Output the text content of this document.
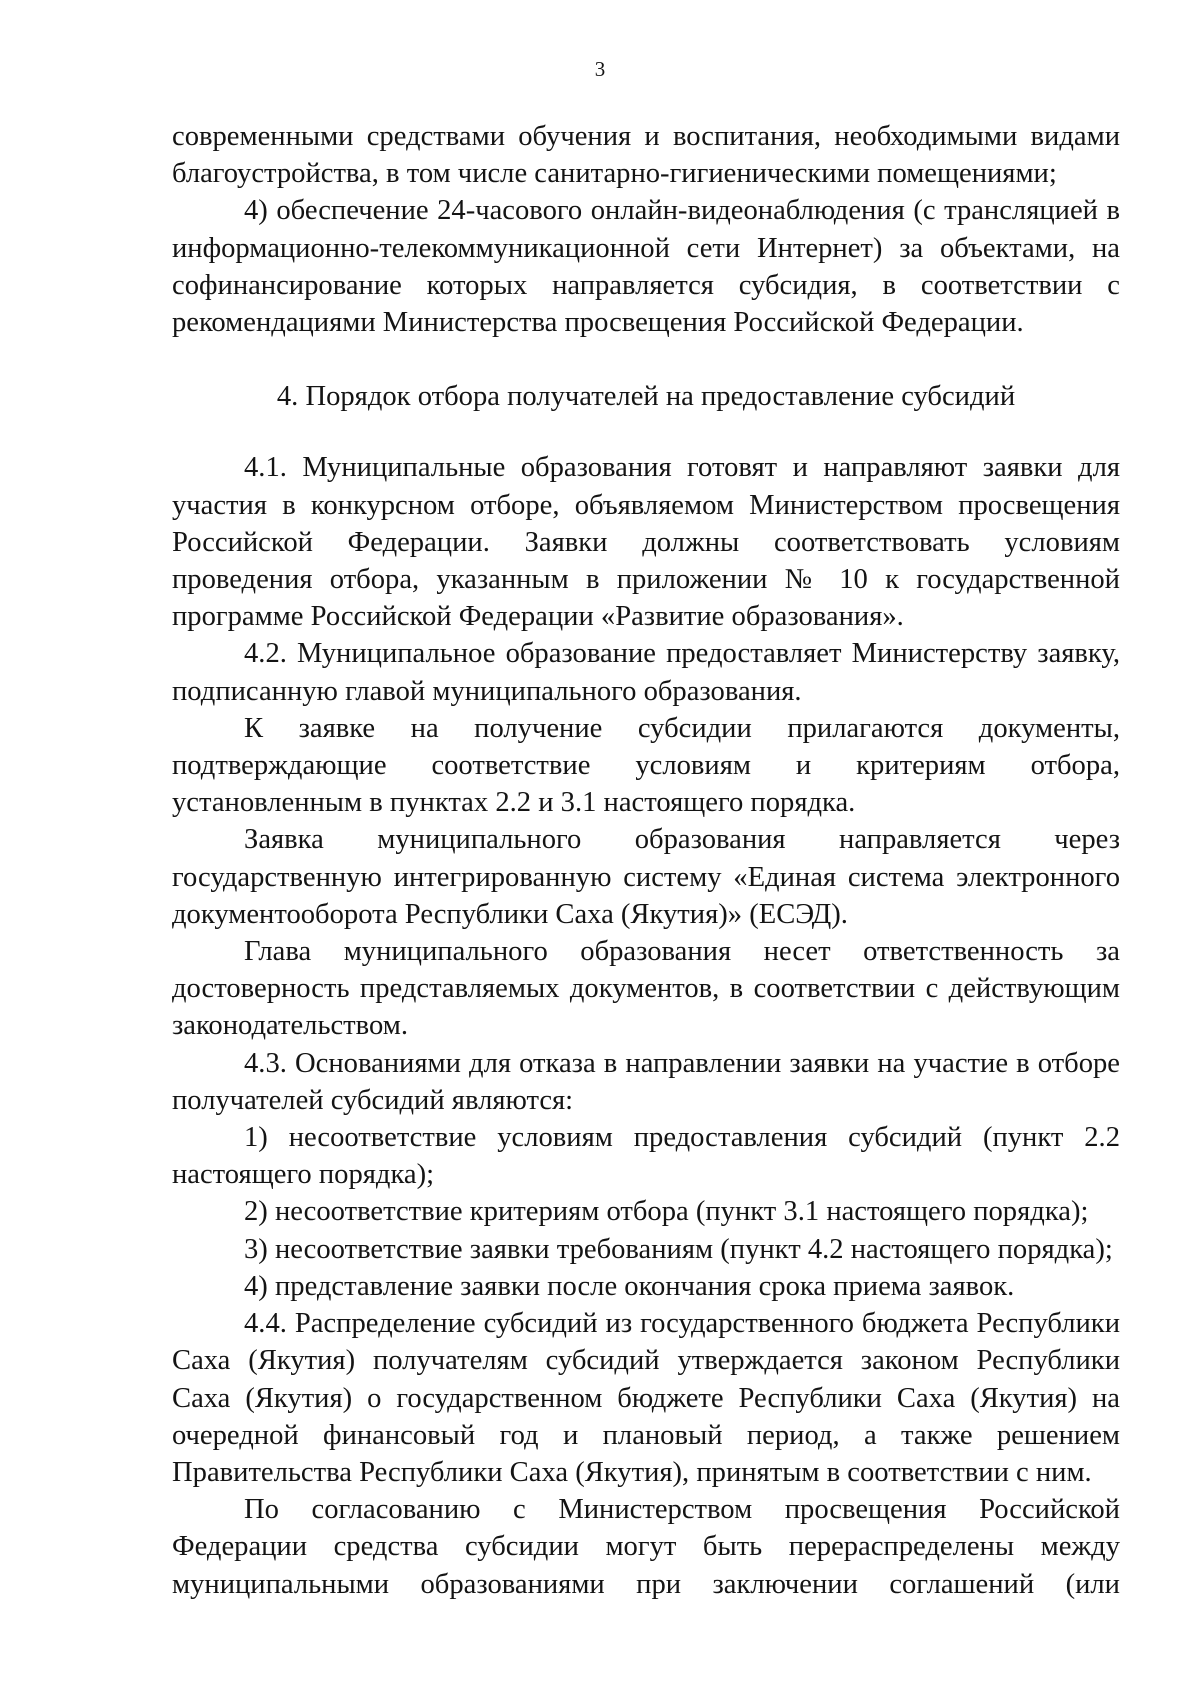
3

современными средствами обучения и воспитания, необходимыми видами благоустройства, в том числе санитарно-гигиеническими помещениями;

4) обеспечение 24-часового онлайн-видеонаблюдения (с трансляцией в информационно-телекоммуникационной сети Интернет) за объектами, на софинансирование которых направляется субсидия, в соответствии с рекомендациями Министерства просвещения Российской Федерации.

4. Порядок отбора получателей на предоставление субсидий

4.1. Муниципальные образования готовят и направляют заявки для участия в конкурсном отборе, объявляемом Министерством просвещения Российской Федерации. Заявки должны соответствовать условиям проведения отбора, указанным в приложении № 10 к государственной программе Российской Федерации «Развитие образования».

4.2. Муниципальное образование предоставляет Министерству заявку, подписанную главой муниципального образования.

К заявке на получение субсидии прилагаются документы, подтверждающие соответствие условиям и критериям отбора, установленным в пунктах 2.2 и 3.1 настоящего порядка.

Заявка муниципального образования направляется через государственную интегрированную систему «Единая система электронного документооборота Республики Саха (Якутия)» (ЕСЭД).

Глава муниципального образования несет ответственность за достоверность представляемых документов, в соответствии с действующим законодательством.

4.3. Основаниями для отказа в направлении заявки на участие в отборе получателей субсидий являются:

1) несоответствие условиям предоставления субсидий (пункт 2.2 настоящего порядка);

2) несоответствие критериям отбора (пункт 3.1 настоящего порядка);

3) несоответствие заявки требованиям (пункт 4.2 настоящего порядка);

4) представление заявки после окончания срока приема заявок.

4.4. Распределение субсидий из государственного бюджета Республики Саха (Якутия) получателям субсидий утверждается законом Республики Саха (Якутия) о государственном бюджете Республики Саха (Якутия) на очередной финансовый год и плановый период, а также решением Правительства Республики Саха (Якутия), принятым в соответствии с ним.

По согласованию с Министерством просвещения Российской Федерации средства субсидии могут быть перераспределены между муниципальными образованиями при заключении соглашений (или
